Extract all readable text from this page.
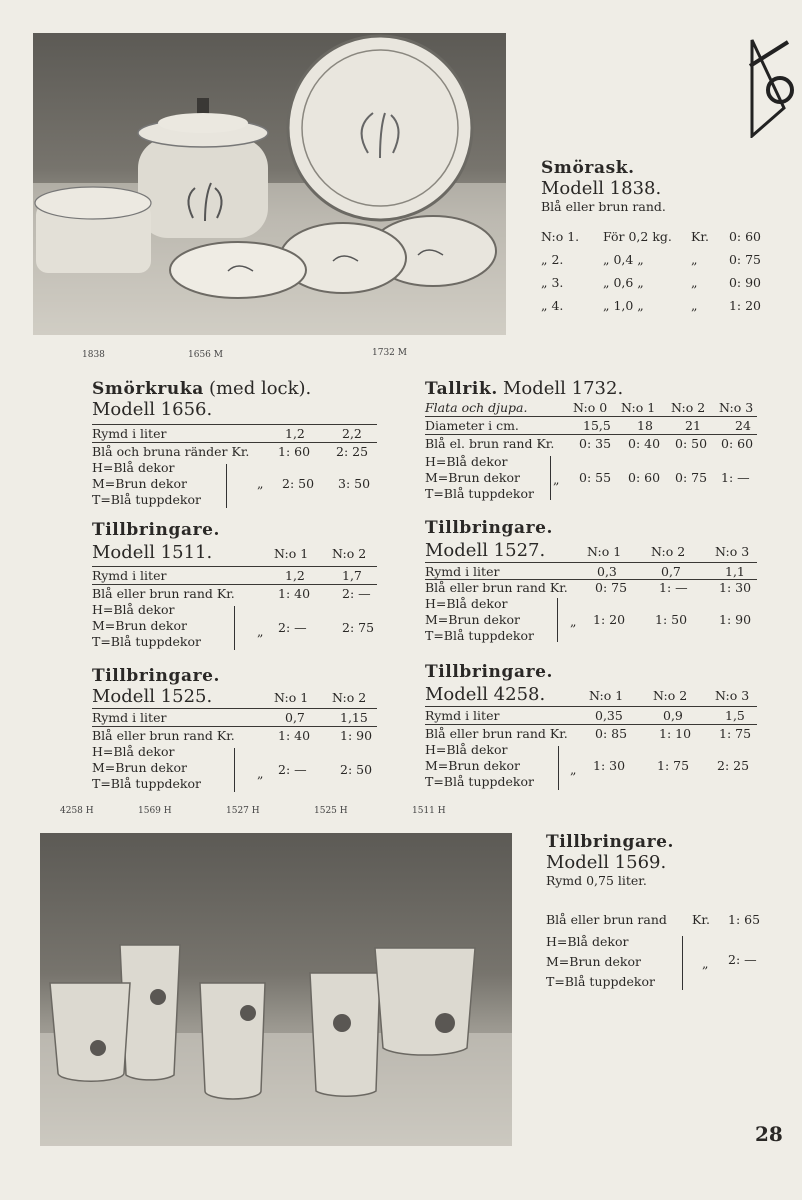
Smörask.
Modell 1838.
Blå eller brun rand.
N:o 1. För 0,2 kg. Kr. 0: 60
„ 2.	„ 0,4 „	„	0: 75
„ 3.	„ 0,6 „	„	0: 90
„ 4.	„ 1,0 „	„	1: 20
1838	1656 M	1732 M
Smörkruka (med lock).
Modell 1656.
Rymd i liter	1,2	2,2
Blå och bruna ränder Kr. 1: 60 2: 25
H=Blå dekor
M=Brun dekor
T=Blå tuppdekor
„ 2: 50 3: 50
Tallrik. Modell 1732.
Flata och djupa.	N:o 0 N:o 1 N:o 2 N:o 3
Diameter i cm.	15,5 18	21	24
Blå el. brun rand Kr. 0: 35 0: 40 0: 50 0: 60
H=Blå dekor
M=Brun dekor
T=Blå tuppdekor
„ 0: 55 0: 60 0: 75 1: —
Tillbringare.
Modell 1511.	N:o 1 N:o 2
Rymd i liter	1,2	1,7
Blå eller brun rand Kr.	1: 40	2: —
H=Blå dekor
M=Brun dekor
T=Blå tuppdekor
„ 2: —	2: 75
Tillbringare.
Modell 1527.	N:o 1 N:o 2 N:o 3
Rymd i liter	0,3	0,7	1,1
Blå eller brun rand Kr. 0: 75	1: —	1: 30
H=Blå dekor
M=Brun dekor
T=Blå tuppdekor
„ 1: 20 1: 50	1: 90
Tillbringare.
Modell 1525.	N:o 1 N:o 2
Rymd i liter	0,7	1,15
Blå eller brun rand Kr.	1: 40 1: 90
H=Blå dekor
M=Brun dekor
T=Blå tuppdekor
„ 2: —	2: 50
Tillbringare.
Modell 4258.	N:o 1 N:o 2 N:o 3
Rymd i liter	0,35	0,9	1,5
Blå eller brun rand Kr. 0: 85	1: 10 1: 75
H=Blå dekor
M=Brun dekor
T=Blå tuppdekor
„ 1: 30	1: 75 2: 25
4258 H	1569 H	1527 H	1525 H	1511 H
Tillbringare.
Modell 1569.
Rymd 0,75 liter.
Blå eller brun rand Kr. 1: 65
H=Blå dekor
M=Brun dekor
T=Blå tuppdekor
„ 2: —
28
